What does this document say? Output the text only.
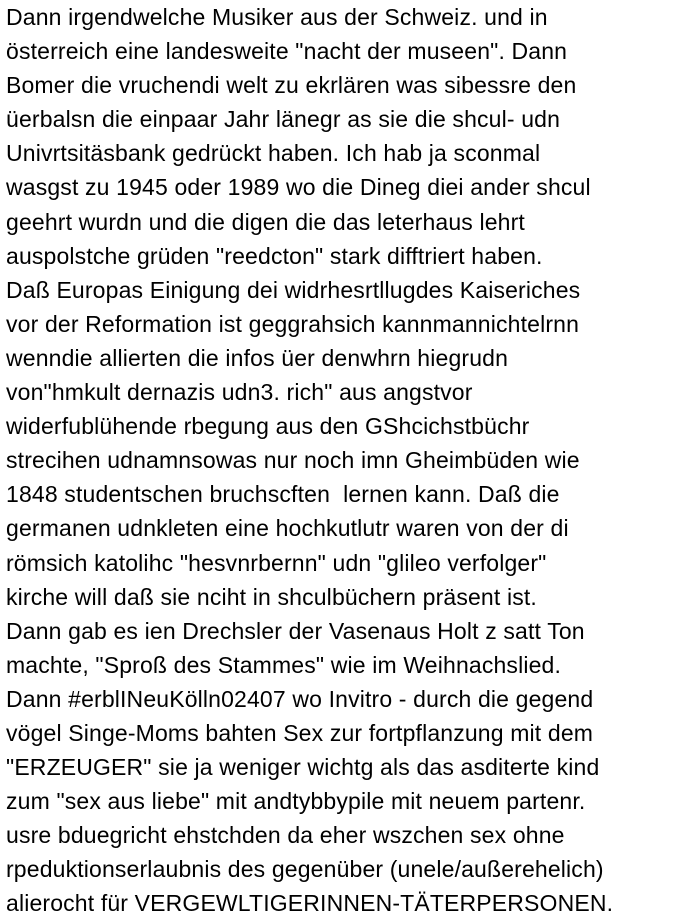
Dann irgendwelche Musiker aus der Schweiz. und in
österreich eine landesweite "nacht der museen". Dann
Bomer die vruchendi welt zu ekrlären was sibessre den
üerbalsn die einpaar Jahr länegr as sie die shcul- udn
Univrtsitäsbank gedrückt haben. Ich hab ja sconmal
wasgst zu 1945 oder 1989 wo die Dineg diei ander shcul
geehrt wurdn und die digen die das leterhaus lehrt
auspolstche grüden "reedcton" stark difftriert haben.
Daß Europas Einigung dei widrhesrtllugdes Kaiseriches
vor der Reformation ist geggrahsich kannmannichtelrnn
wenndie allierten die infos üer denwhrn hiegrudn
von"hmkult dernazis udn3. rich" aus angstvor
widerfublühende rbegung aus den GShcichstbüchr
strecihen udnamnsowas nur noch imn Gheimbüden wie
1848 studentschen bruchscften  lernen kann. Daß die
germanen udnkleten eine hochkutlutr waren von der di
römsich katolihc "hesvnrbernn" udn "glileo verfolger"
kirche will daß sie nciht in shculbüchern präsent ist.
Dann gab es ien Drechsler der Vasenaus Holt z satt Ton
machte, "Sproß des Stammes" wie im Weihnachslied.
Dann #erblINeuKölln02407 wo Invitro - durch die gegend
vögel Singe-Moms bahten Sex zur fortpflanzung mit dem
"ERZEUGER" sie ja weniger wichtg als das asditerte kind
zum "sex aus liebe" mit andtybbypile mit neuem partenr.
usre bduegricht ehstchden da eher wszchen sex ohne
rpeduktionserlaubnis des gegenüber (unele/außerehelich)
alierocht für VERGEWLTIGERINNEN-TÄTERPERSONEN.
